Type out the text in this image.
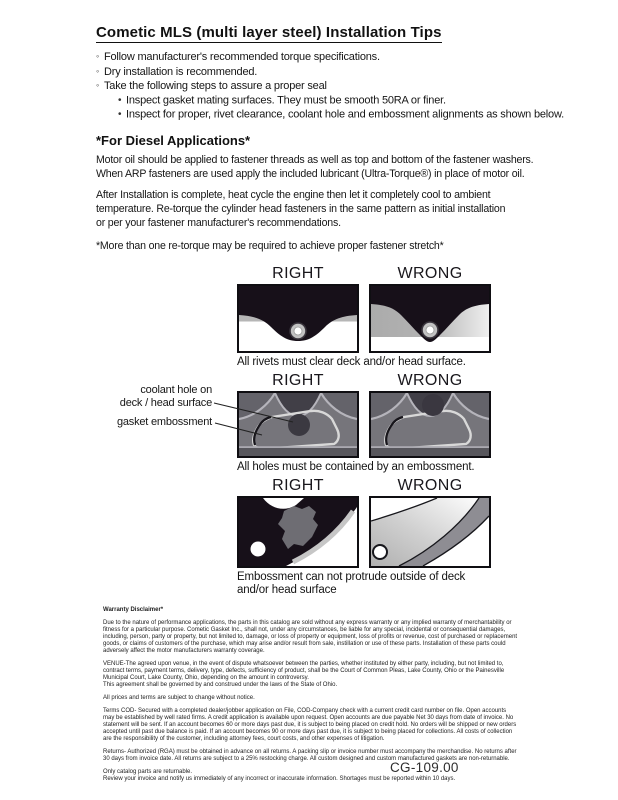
Cometic MLS (multi layer steel) Installation Tips
◦ Follow manufacturer's recommended torque specifications.
◦ Dry installation is recommended.
◦ Take the following steps to assure a proper seal
• Inspect gasket mating surfaces. They must be smooth 50RA or finer.
• Inspect for proper, rivet clearance, coolant hole and embossment alignments as shown below.
*For Diesel Applications*
Motor oil should be applied to fastener threads as well as top and bottom of the fastener washers.
When ARP fasteners are used apply the included lubricant (Ultra-Torque®) in place of motor oil.
After Installation is complete, heat cycle the engine then let it completely cool to ambient
temperature. Re-torque the cylinder head fasteners in the same pattern as initial installation
or per your fastener manufacturer's recommendations.
*More than one re-torque may be required to achieve proper fastener stretch*
RIGHT	WRONG
All rivets must clear deck and/or head surface.
RIGHT	WRONG
All holes must be contained by an embossment.
coolant hole on
deck / head surface
gasket embossment
RIGHT	WRONG
Embossment can not protrude outside of deck and/or head surface
Warranty Disclaimer*

Due to the nature of performance applications, the parts in this catalog are sold without any express warranty or any implied warranty of merchantability or fitness for a particular purpose. Cometic Gasket Inc., shall not, under any circumstances, be liable for any special, incidental or consequential damages, including, person, party or property, but not limited to, damage, or loss of property or equipment, loss of profits or revenue, cost of purchased or replacement goods, or claims of customers of the purchase, which may arise and/or result from sale, instillation or use of these parts. Installation of these parts could adversely affect the motor manufacturers warranty coverage.

VENUE-The agreed upon venue, in the event of dispute whatsoever between the parties, whether instituted by either party, including, but not limited to, contract terms, payment terms, delivery, type, defects, sufficiency of product, shall be the Court of Common Pleas, Lake County, Ohio or the Painesville Municipal Court, Lake County, Ohio, depending on the amount in controversy.

This agreement shall be governed by and construed under the laws of the State of Ohio.

All prices and terms are subject to change without notice.

Terms COD- Secured with a completed dealer/jobber application on File, COD-Company check with a current credit card number on file. Open accounts may be established by well rated firms. A credit application is available upon request. Open accounts are due payable Net 30 days from date of invoice. No statement will be sent. If an account becomes 60 or more days past due, it is subject to being placed on credit hold. No orders will be shipped or new orders accepted until past due balance is paid. If an account becomes 90 or more days past due, it is subject to being placed for collections. All costs of collection are the responsibility of the customer, including attorney fees, court costs, and other expenses of litigation.

Returns- Authorized (RGA) must be obtained in advance on all returns. A packing slip or invoice number must accompany the merchandise. No returns after 30 days from invoice date. All returns are subject to a 25% restocking charge. All custom designed and custom manufactured gaskets are non-returnable.

Only catalog parts are returnable.

Review your invoice and notify us immediately of any incorrect or inaccurate information. Shortages must be reported within 10 days.

CG-109.00
